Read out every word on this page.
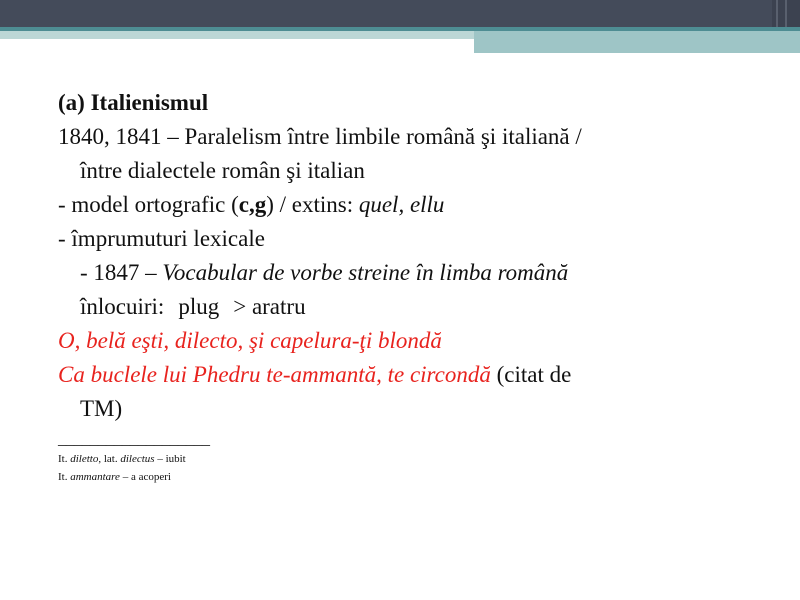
(a) Italienismul
1840, 1841 – Paralelism între limbile română şi italiană /
între dialectele român şi italian
- model ortografic (c,g) / extins: quel, ellu
- împrumuturi lexicale
- 1847 – Vocabular de vorbe streine în limba română
înlocuiri: plug > aratru
O, belă eşti, dilecto, şi capelura-ţi blondă
Ca buclele lui Phedru te-ammantă, te circondă (citat de
TM)
___________________
It. diletto, lat. dilectus – iubit
It. ammantare – a acoperi
